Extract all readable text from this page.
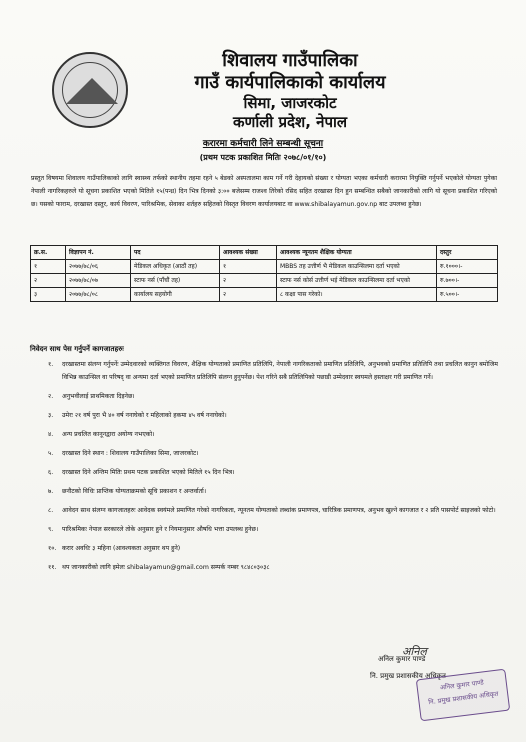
शिवालय गाउँपालिका
गाउँ कार्यपालिकाको कार्यालय
सिमा, जाजरकोट
कर्णाली प्रदेश, नेपाल
करारमा कर्मचारी लिने सम्बन्धी सूचना
(प्रथम पटक प्रकाशित मितिः २०७८/०१/१०)
प्रस्तुत विषयमा शिवालय गाउँपालिकाको लागि स्वास्थ्य तर्फको स्थानीय तहमा रहने ५ बेडको अस्पतालमा काम गर्ने गरी देहायको संख्या र योग्यता भएका कर्मचारी करारमा नियुक्ति गर्नुपर्ने भएकोले योग्यता पुगेका नेपाली नागरिकहरुले यो सूचना प्रकाशित भएको मितिले १५(पन्ध्र) दिन भित्र दिनको ३:०० बजेसम्म राजश्व तिरेको रसिद सहित दरखास्त दिन हुन सम्बन्धित सबैको जानकारीको लागि यो सूचना प्रकाशित गरिएको छ। यसको फाराम, दरखास्त दस्तुर, कार्य विवरण, पारिश्रमिक, सेवाका शर्तहरु सहितको विस्तृत विवरण कार्यालयबाट वा www.shibalayamun.gov.np बाट उपलब्ध हुनेछ।
क्र.स.	विज्ञापन नं.	पद	आवश्यक संख्या	आवश्यक न्यूनतम शैक्षिक योग्यता	दस्तुर
१	२०७७/७८/०६	मेडिकल अधिकृत (आठौं तह)	१	MBBS तह उत्तीर्ण भै मेडिकल काउन्सिलमा दर्ता भएको	रु.१०००।-
२	२०७७/७८/०७	स्टाफ नर्स (पाँचौं तह)	२	स्टाफ नर्स कोर्स उत्तीर्ण भई मेडिकल काउन्सिलमा दर्ता भएको	रु.७००।-
३	२०७७/७८/०८	कार्यालय सहयोगी	२	८ कक्षा पास गरेको।	रु.५००।-
निवेदन साथ पेस गर्नुपर्ने कागजातहरुः
१. दरखास्तमा संलग्न गर्नुपर्नेः उम्मेदवारको व्यक्तिगत विवरण, शैक्षिक योग्यताको प्रमाणित प्रतिलिपि, नेपाली नागरिकताको प्रमाणित प्रतिलिपि, अनुभवको प्रमाणित प्रतिलिपि तथा प्रचलित कानुन बमोजिम विभिन्न काउन्सिल वा परिषद् वा अन्यमा दर्ता भएको प्रमाणित प्रतिलिपि संलग्न हुनुपर्नेछ। पेश गरिने सबै प्रतिलिपिको पछाडी उम्मेदवार स्वयमले हस्ताक्षर गरी प्रमाणित गर्ने।
२. अनुभवीलाई प्राथमिकता दिइनेछ।
३. उमेरः २१ वर्ष पुरा भै ४० वर्ष ननाघेको र महिलाको हकमा ४५ वर्ष ननाघेको।
४. अन्य प्रचलित कानूनद्वारा अयोग्य नभएको।
५. दरखास्त दिने स्थान : शिवालय गाउँपालिका सिमा, जाजरकोट।
६. दरखास्त दिने अन्तिम मितिः प्रथम पटक प्रकाशित भएको मितिले १५ दिन भित्र।
७. छनौटको विधिः प्राप्तिक योग्यताक्रमको सूचि प्रकाशन र अन्तर्वार्ता।
८. आवेदन साथ संलग्न कागजातहरुः आवेदक स्वयंमले प्रमाणित गरेको नागरिकता, न्यूनतम योग्यताको लब्धांक प्रमाणपत्र, चारित्रिक प्रमाणपत्र, अनुभव खुल्ने कागजात र २ प्रति पासपोर्ट साइजको फोटो।
९. पारिश्रमिकः नेपाल सरकारले तोके अनुसार हुने र नियमानुसार औषधि भत्ता उपलब्ध हुनेछ।
१०. करार अवधिः ३ महिना (आवश्यकता अनुसार थप हुने)
११. थप जानकारीको लागि इमेलः shibalayamun@gmail.com सम्पर्क नम्बर ९८४८०३०३८
अनिल
अनिल कुमार पाण्डे
नि. प्रमुख प्रशासकीय अधिकृत
अनिल कुमार पाण्डे
नि. प्रमुख प्रशासकीय अधिकृत
